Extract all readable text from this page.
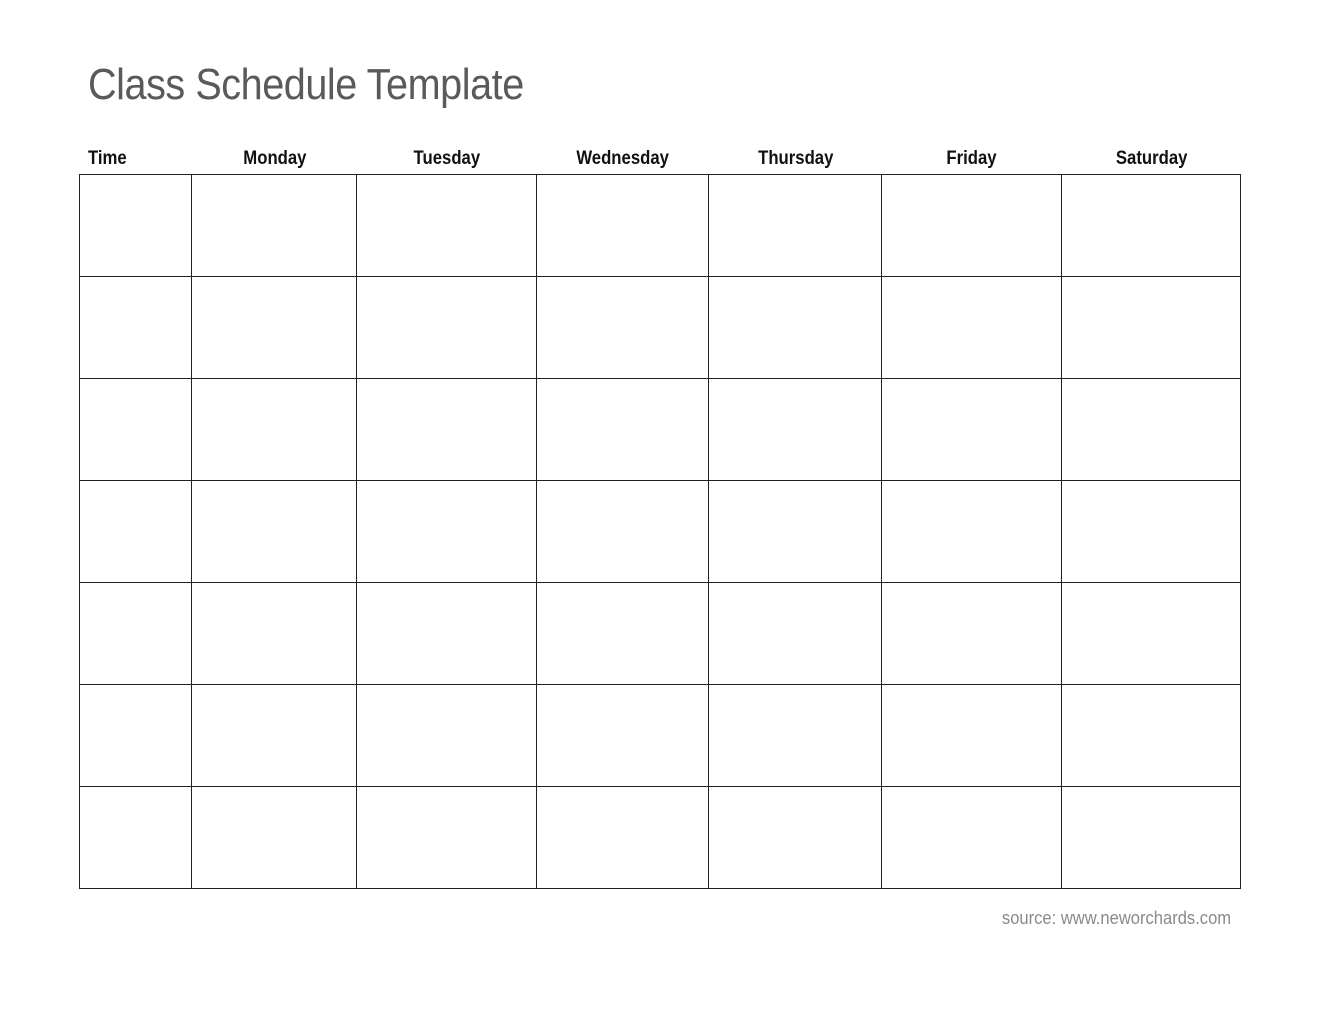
Class Schedule Template
Time	Monday	Tuesday	Wednesday	Thursday	Friday	Saturday

source: www.neworchards.com
